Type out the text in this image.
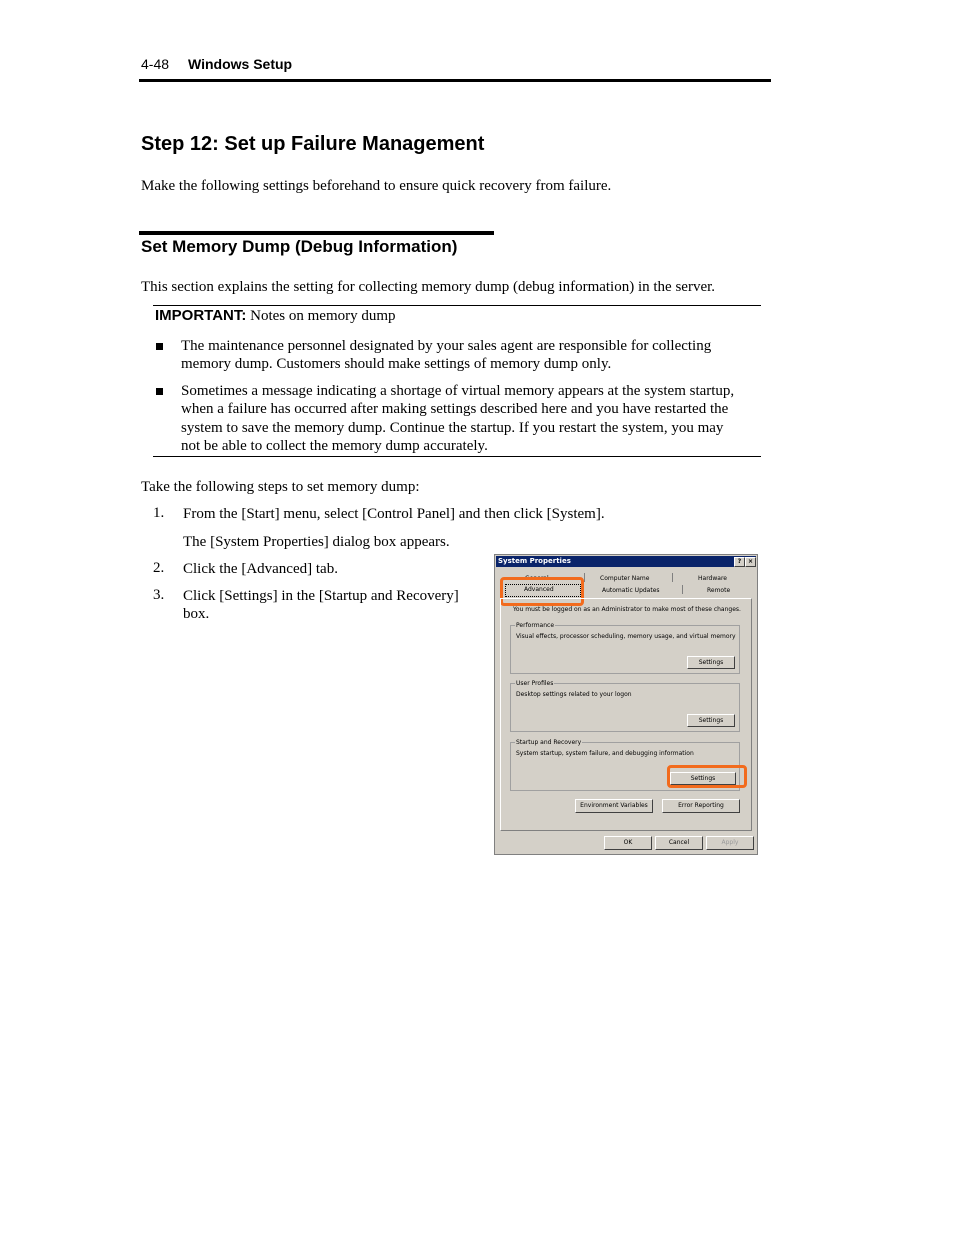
4-48 Windows Setup
Step 12: Set up Failure Management
Make the following settings beforehand to ensure quick recovery from failure.
Set Memory Dump (Debug Information)
This section explains the setting for collecting memory dump (debug information) in the server.
IMPORTANT: Notes on memory dump
The maintenance personnel designated by your sales agent are responsible for collecting
memory dump. Customers should make settings of memory dump only.
Sometimes a message indicating a shortage of virtual memory appears at the system startup,
when a failure has occurred after making settings described here and you have restarted the
system to save the memory dump. Continue the startup. If you restart the system, you may
not be able to collect the memory dump accurately.
Take the following steps to set memory dump:
1. From the [Start] menu, select [Control Panel] and then click [System].
The [System Properties] dialog box appears.
2. Click the [Advanced] tab.
3. Click [Settings] in the [Startup and Recovery]
box.
System Properties	?	×
General	Computer Name	Hardware
Advanced	Automatic Updates	Remote
You must be logged on as an Administrator to make most of these changes.
Performance
Visual effects, processor scheduling, memory usage, and virtual memory
Settings
User Profiles
Desktop settings related to your logon
Settings
Startup and Recovery
System startup, system failure, and debugging information
Settings
Environment Variables	Error Reporting
OK	Cancel	Apply
